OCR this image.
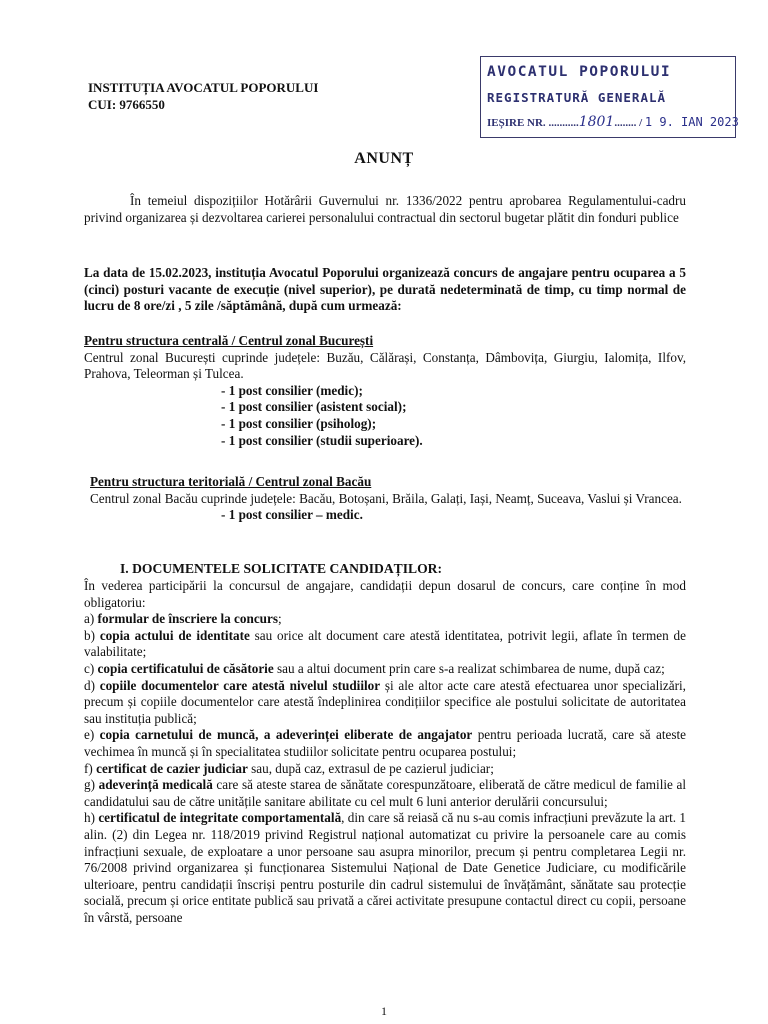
INSTITUȚIA AVOCATUL POPORULUI
CUI: 9766550
AVOCATUL POPORULUI
REGISTRATURĂ GENERALĂ
IEȘIRE NR. ...........1801........ / 1 9. IAN 2023
ANUNȚ
În temeiul dispozițiilor Hotărârii Guvernului nr. 1336/2022 pentru aprobarea Regulamentului-cadru privind organizarea și dezvoltarea carierei personalului contractual din sectorul bugetar plătit din fonduri publice
La data de 15.02.2023, instituția Avocatul Poporului organizează concurs de angajare pentru ocuparea a 5 (cinci) posturi vacante de execuție (nivel superior), pe durată nedeterminată de timp, cu timp normal de lucru de 8 ore/zi , 5 zile /săptămână, după cum urmează:
Pentru structura centrală / Centrul zonal București
Centrul zonal București cuprinde județele: Buzău, Călărași, Constanța, Dâmbovița, Giurgiu, Ialomița, Ilfov, Prahova, Teleorman și Tulcea.
- 1 post consilier (medic);
- 1 post consilier (asistent social);
- 1 post consilier (psiholog);
- 1 post consilier (studii superioare).
Pentru structura teritorială / Centrul zonal Bacău
Centrul zonal Bacău cuprinde județele: Bacău, Botoșani, Brăila, Galați, Iași, Neamț, Suceava, Vaslui și Vrancea.
- 1 post consilier – medic.
I. DOCUMENTELE SOLICITATE CANDIDAȚILOR:

În vederea participării la concursul de angajare, candidații depun dosarul de concurs, care conține în mod obligatoriu:

a) formular de înscriere la concurs;

b) copia actului de identitate sau orice alt document care atestă identitatea, potrivit legii, aflate în termen de valabilitate;

c) copia certificatului de căsătorie sau a altui document prin care s-a realizat schimbarea de nume, după caz;

d) copiile documentelor care atestă nivelul studiilor și ale altor acte care atestă efectuarea unor specializări, precum și copiile documentelor care atestă îndeplinirea condițiilor specifice ale postului solicitate de autoritatea sau instituția publică;

e) copia carnetului de muncă, a adeverinței eliberate de angajator pentru perioada lucrată, care să ateste vechimea în muncă și în specialitatea studiilor solicitate pentru ocuparea postului;

f) certificat de cazier judiciar sau, după caz, extrasul de pe cazierul judiciar;

g) adeverință medicală care să ateste starea de sănătate corespunzătoare, eliberată de către medicul de familie al candidatului sau de către unitățile sanitare abilitate cu cel mult 6 luni anterior derulării concursului;

h) certificatul de integritate comportamentală, din care să reiasă că nu s-au comis infracțiuni prevăzute la art. 1 alin. (2) din Legea nr. 118/2019 privind Registrul național automatizat cu privire la persoanele care au comis infracțiuni sexuale, de exploatare a unor persoane sau asupra minorilor, precum și pentru completarea Legii nr. 76/2008 privind organizarea și funcționarea Sistemului Național de Date Genetice Judiciare, cu modificările ulterioare, pentru candidații înscriși pentru posturile din cadrul sistemului de învățământ, sănătate sau protecție socială, precum și orice entitate publică sau privată a cărei activitate presupune contactul direct cu copii, persoane în vârstă, persoane

1
